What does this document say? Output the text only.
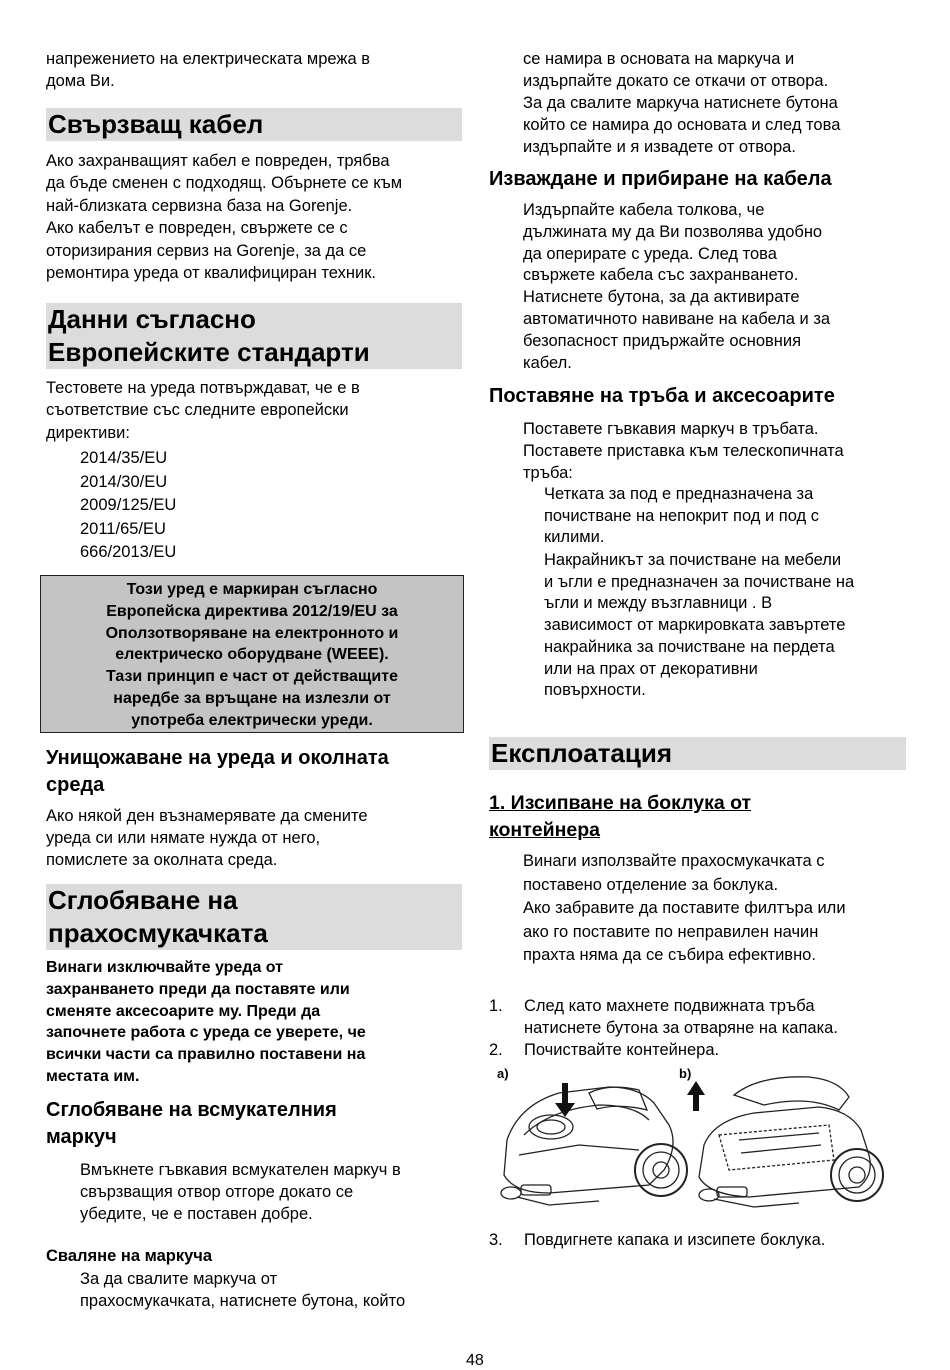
напрежението на електрическата мрежа в
дома Ви.
Свързващ кабел
Ако захранващият кабел е повреден, трябва
да бъде сменен с подходящ. Обърнете се към
най-близката сервизна база на Gorenje.
Ако кабелът е повреден, свържете се с
оторизирания сервиз на Gorenje, за да се
ремонтира уреда от квалифициран техник.
Данни съгласно
Европейските стандарти
Тестовете на уреда потвърждават, че е в
съответствие със следните европейски
директиви:
2014/35/EU
2014/30/EU
2009/125/EU
2011/65/EU
666/2013/EU
Този уред е маркиран съгласно
Европейска директива 2012/19/EU за
Оползотворяване на електронното и
електрическо оборудване (WEEE).
Тази принцип е част от действащите
наредбе за връщане на излезли от
употреба електрически уреди.
Унищожаване на уреда и околната
среда
Ако някой ден възнамерявате да смените
уреда си или нямате нужда от него,
помислете за околната среда.
Сглобяване на
прахосмукачката
Винаги изключвайте уреда от
захранването преди да поставяте или
сменяте аксесоарите му. Преди да
започнете работа с уреда се уверете, че
всички части са правилно поставени на
местата им.
Сглобяване на всмукателния
маркуч
Вмъкнете гъвкавия всмукателен маркуч в
свързващия отвор отгоре докато се
убедите, че е поставен добре.
Сваляне на маркуча
За да свалите маркуча от
прахосмукачката, натиснете бутона, който
се намира в основата на маркуча и
издърпайте докато се откачи от отвора.
За да свалите маркуча натиснете бутона
който се намира до основата и след това
издърпайте и я извадете от отвора.
Изваждане и прибиране на кабела
Издърпайте кабела толкова, че
дължината му да Ви позволява удобно
да оперирате с уреда. След това
свържете кабела със захранването.
Натиснете бутона, за да активирате
автоматичното навиване на кабела и за
безопасност придържайте основния
кабел.
Поставяне на тръба и аксесоарите
Поставете гъвкавия маркуч в тръбата.
Поставете приставка към телескопичната
тръба:
Четката за под е предназначена за
почистване на непокрит под и под с
килими.
Накрайникът за почистване на мебели
и ъгли е предназначен за почистване на
ъгли и между възглавници . В
зависимост от маркировката завъртете
накрайника за почистване на пердета
или на прах от декоративни
повърхности.
Експлоатация
1. Изсипване на боклука от
контейнера
Винаги използвайте прахосмукачката с
поставено отделение за боклука.
Ако забравите да поставите филтъра или
ако го поставите по неправилен начин
прахта няма да се събира ефективно.
1. След като махнете подвижната тръба
натиснете бутона за отваряне на капака.
2. Почиствайте контейнера.
a)	b)
3. Повдигнете капака и изсипете боклука.
48
